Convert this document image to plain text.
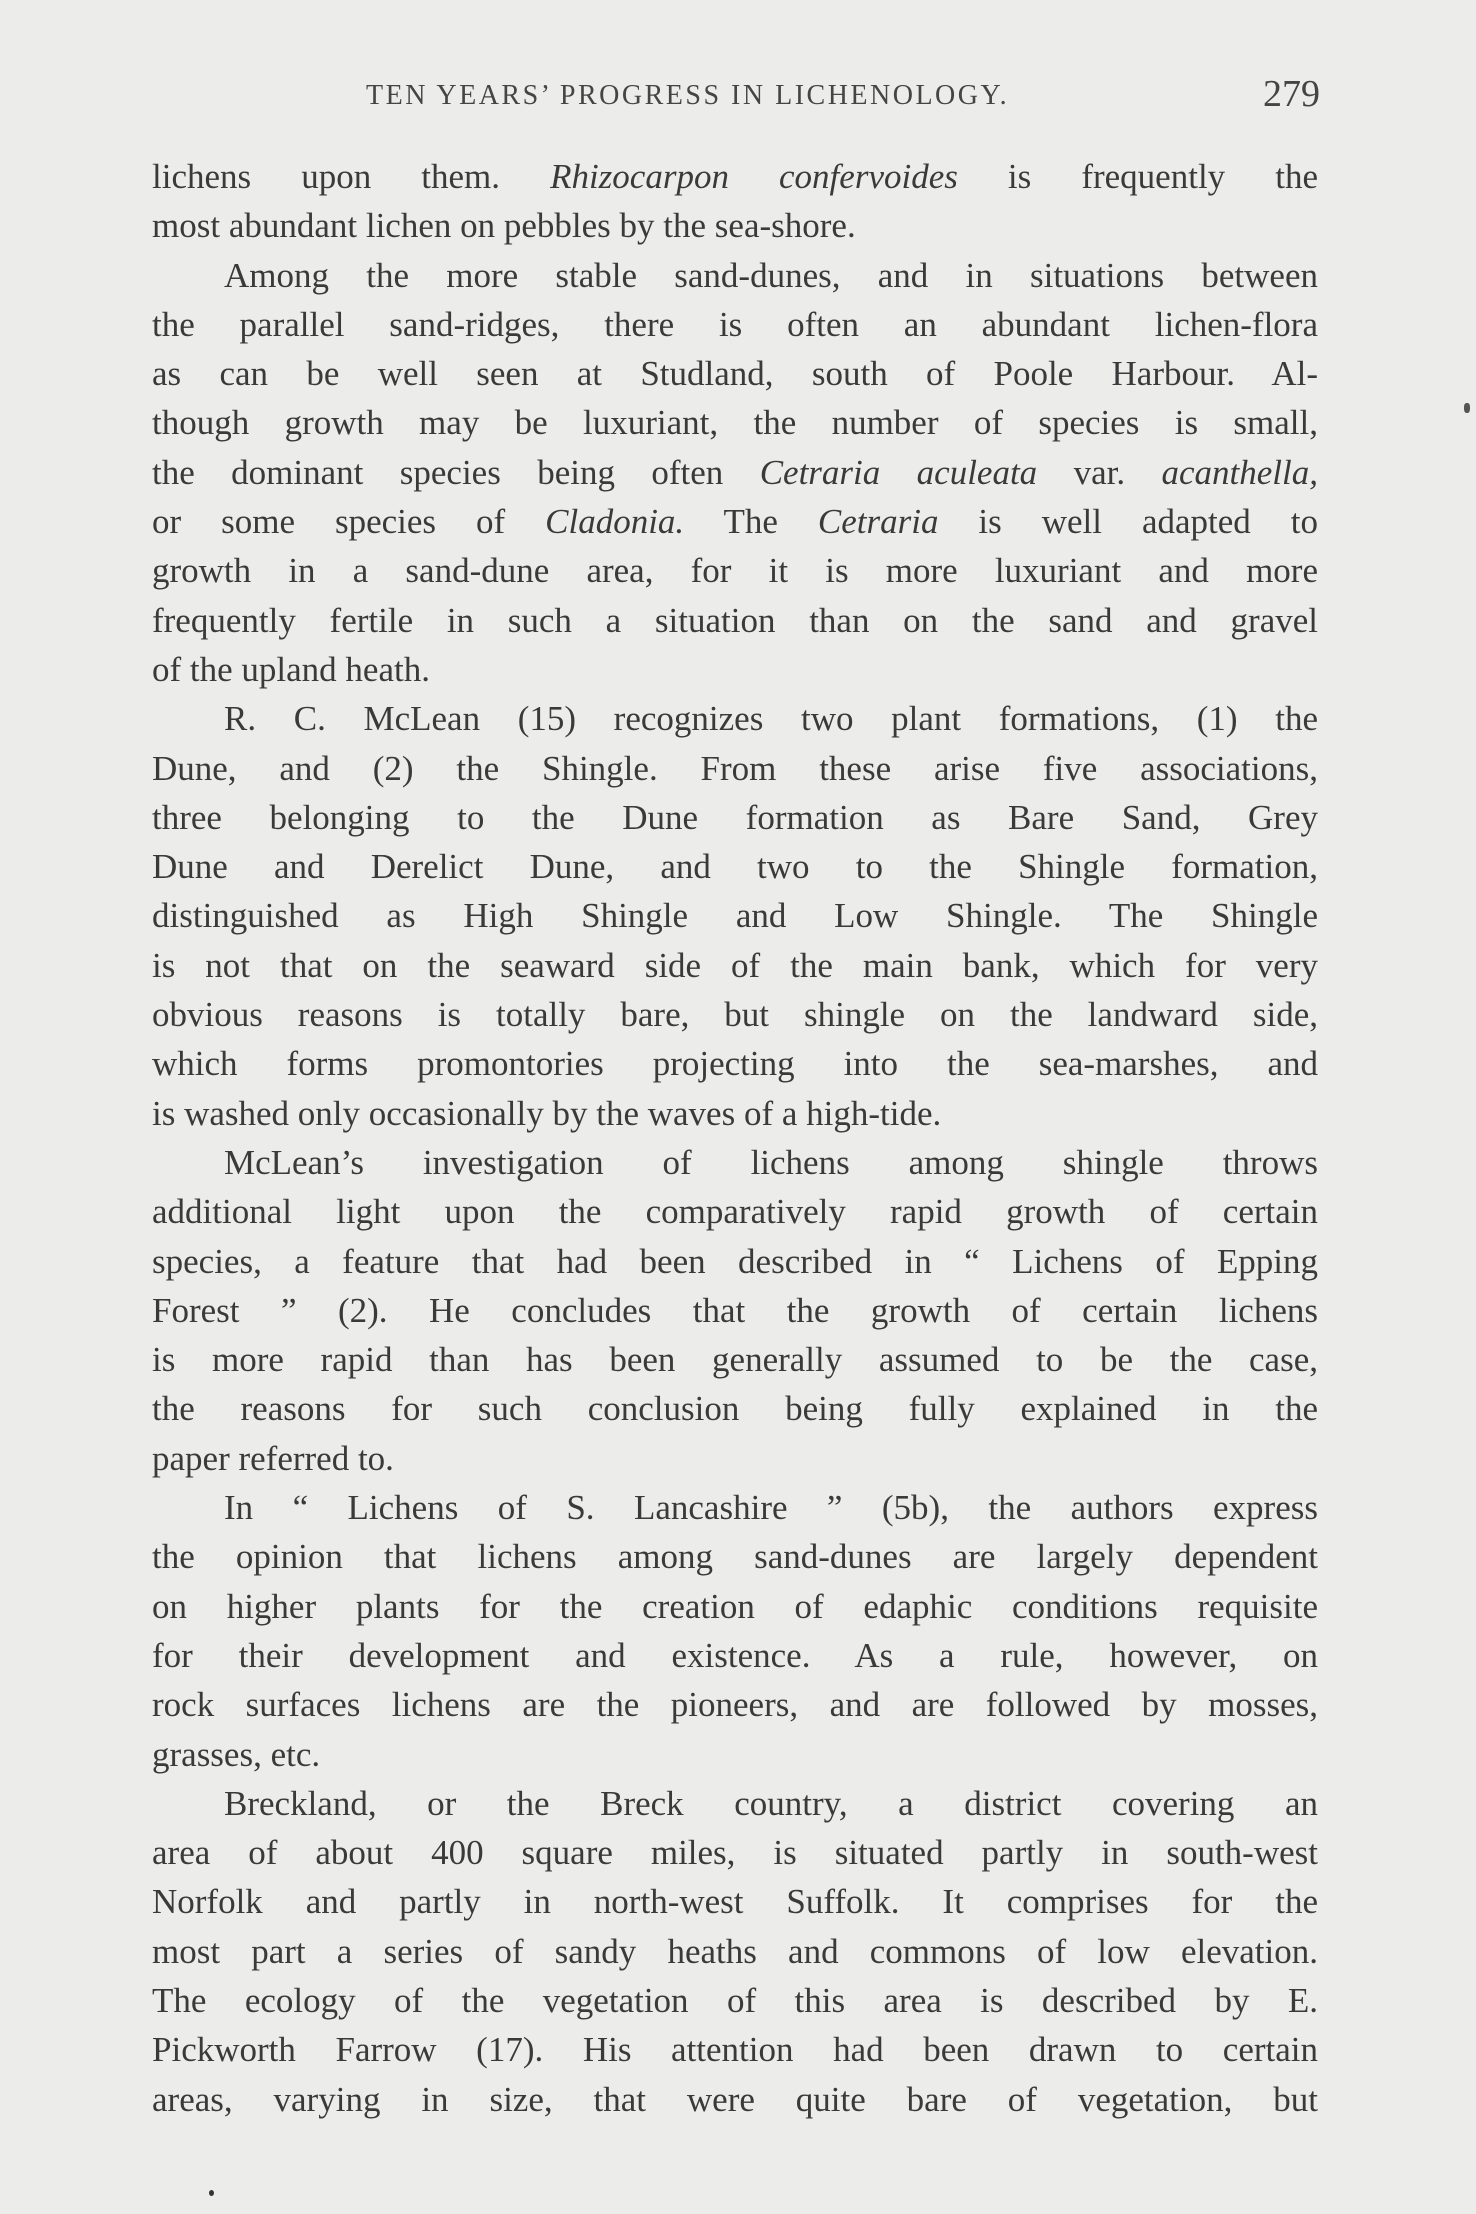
TEN YEARS’ PROGRESS IN LICHENOLOGY.	279
lichens upon them. Rhizocarpon confervoides is frequently the
most abundant lichen on pebbles by the sea-shore.
Among the more stable sand-dunes, and in situations between
the parallel sand-ridges, there is often an abundant lichen-flora
as can be well seen at Studland, south of Poole Harbour. Al-
though growth may be luxuriant, the number of species is small,
the dominant species being often Cetraria aculeata var. acanthella,
or some species of Cladonia. The Cetraria is well adapted to
growth in a sand-dune area, for it is more luxuriant and more
frequently fertile in such a situation than on the sand and gravel
of the upland heath.
R. C. McLean (15) recognizes two plant formations, (1) the
Dune, and (2) the Shingle. From these arise five associations,
three belonging to the Dune formation as Bare Sand, Grey
Dune and Derelict Dune, and two to the Shingle formation,
distinguished as High Shingle and Low Shingle. The Shingle
is not that on the seaward side of the main bank, which for very
obvious reasons is totally bare, but shingle on the landward side,
which forms promontories projecting into the sea-marshes, and
is washed only occasionally by the waves of a high-tide.
McLean’s investigation of lichens among shingle throws
additional light upon the comparatively rapid growth of certain
species, a feature that had been described in “ Lichens of Epping
Forest ” (2). He concludes that the growth of certain lichens
is more rapid than has been generally assumed to be the case,
the reasons for such conclusion being fully explained in the
paper referred to.
In “ Lichens of S. Lancashire ” (5b), the authors express
the opinion that lichens among sand-dunes are largely dependent
on higher plants for the creation of edaphic conditions requisite
for their development and existence. As a rule, however, on
rock surfaces lichens are the pioneers, and are followed by mosses,
grasses, etc.
Breckland, or the Breck country, a district covering an
area of about 400 square miles, is situated partly in south-west
Norfolk and partly in north-west Suffolk. It comprises for the
most part a series of sandy heaths and commons of low elevation.
The ecology of the vegetation of this area is described by E.
Pickworth Farrow (17). His attention had been drawn to certain
areas, varying in size, that were quite bare of vegetation, but
